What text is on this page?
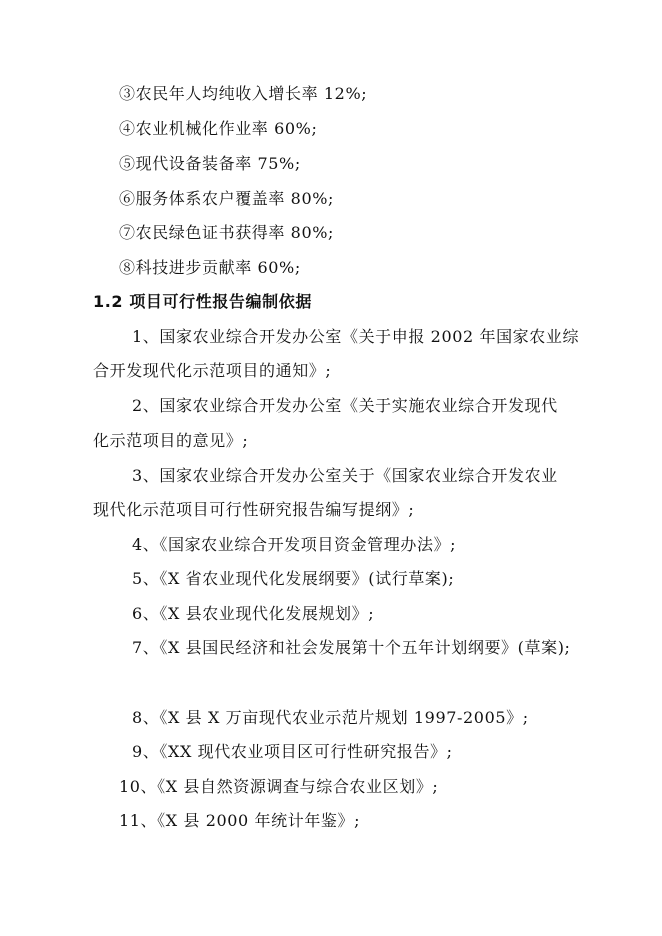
③农民年人均纯收入增长率 12%;
④农业机械化作业率 60%;
⑤现代设备装备率 75%;
⑥服务体系农户覆盖率 80%;
⑦农民绿色证书获得率 80%;
⑧科技进步贡献率 60%;
1.2 项目可行性报告编制依据
1、国家农业综合开发办公室《关于申报 2002 年国家农业综
合开发现代化示范项目的通知》;
2、国家农业综合开发办公室《关于实施农业综合开发现代
化示范项目的意见》;
3、国家农业综合开发办公室关于《国家农业综合开发农业
现代化示范项目可行性研究报告编写提纲》;
4、《国家农业综合开发项目资金管理办法》;
5、《X 省农业现代化发展纲要》(试行草案);
6、《X 县农业现代化发展规划》;
7、《X 县国民经济和社会发展第十个五年计划纲要》(草案);
8、《X 县 X 万亩现代农业示范片规划 1997-2005》;
9、《XX 现代农业项目区可行性研究报告》;
10、《X 县自然资源调查与综合农业区划》;
11、《X 县 2000 年统计年鉴》;
